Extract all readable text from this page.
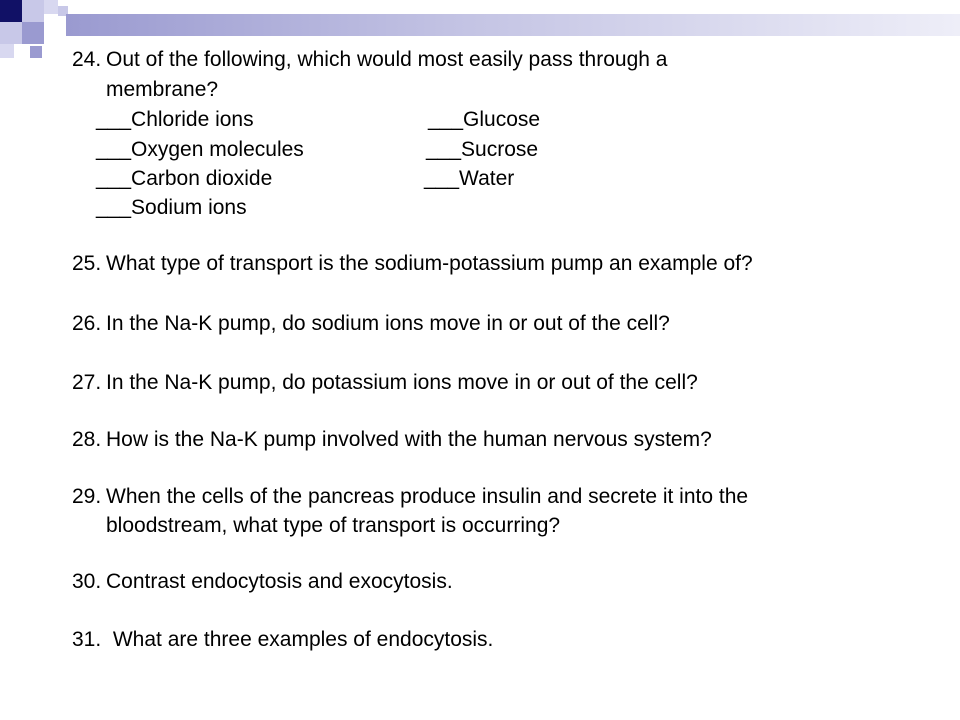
24. Out of the following, which would most easily pass through a
membrane?
___Chloride ions	___Glucose
___Oxygen molecules	___Sucrose
___Carbon dioxide	___Water
___Sodium ions
25. What type of transport is the sodium-potassium pump an example of?
26. In the Na-K pump, do sodium ions move in or out of the cell?
27. In the Na-K pump, do potassium ions move in or out of the cell?
28. How is the Na-K pump involved with the human nervous system?
29. When the cells of the pancreas produce insulin and secrete it into the
bloodstream, what type of transport is occurring?
30. Contrast endocytosis and exocytosis.
31.  What are three examples of endocytosis.
